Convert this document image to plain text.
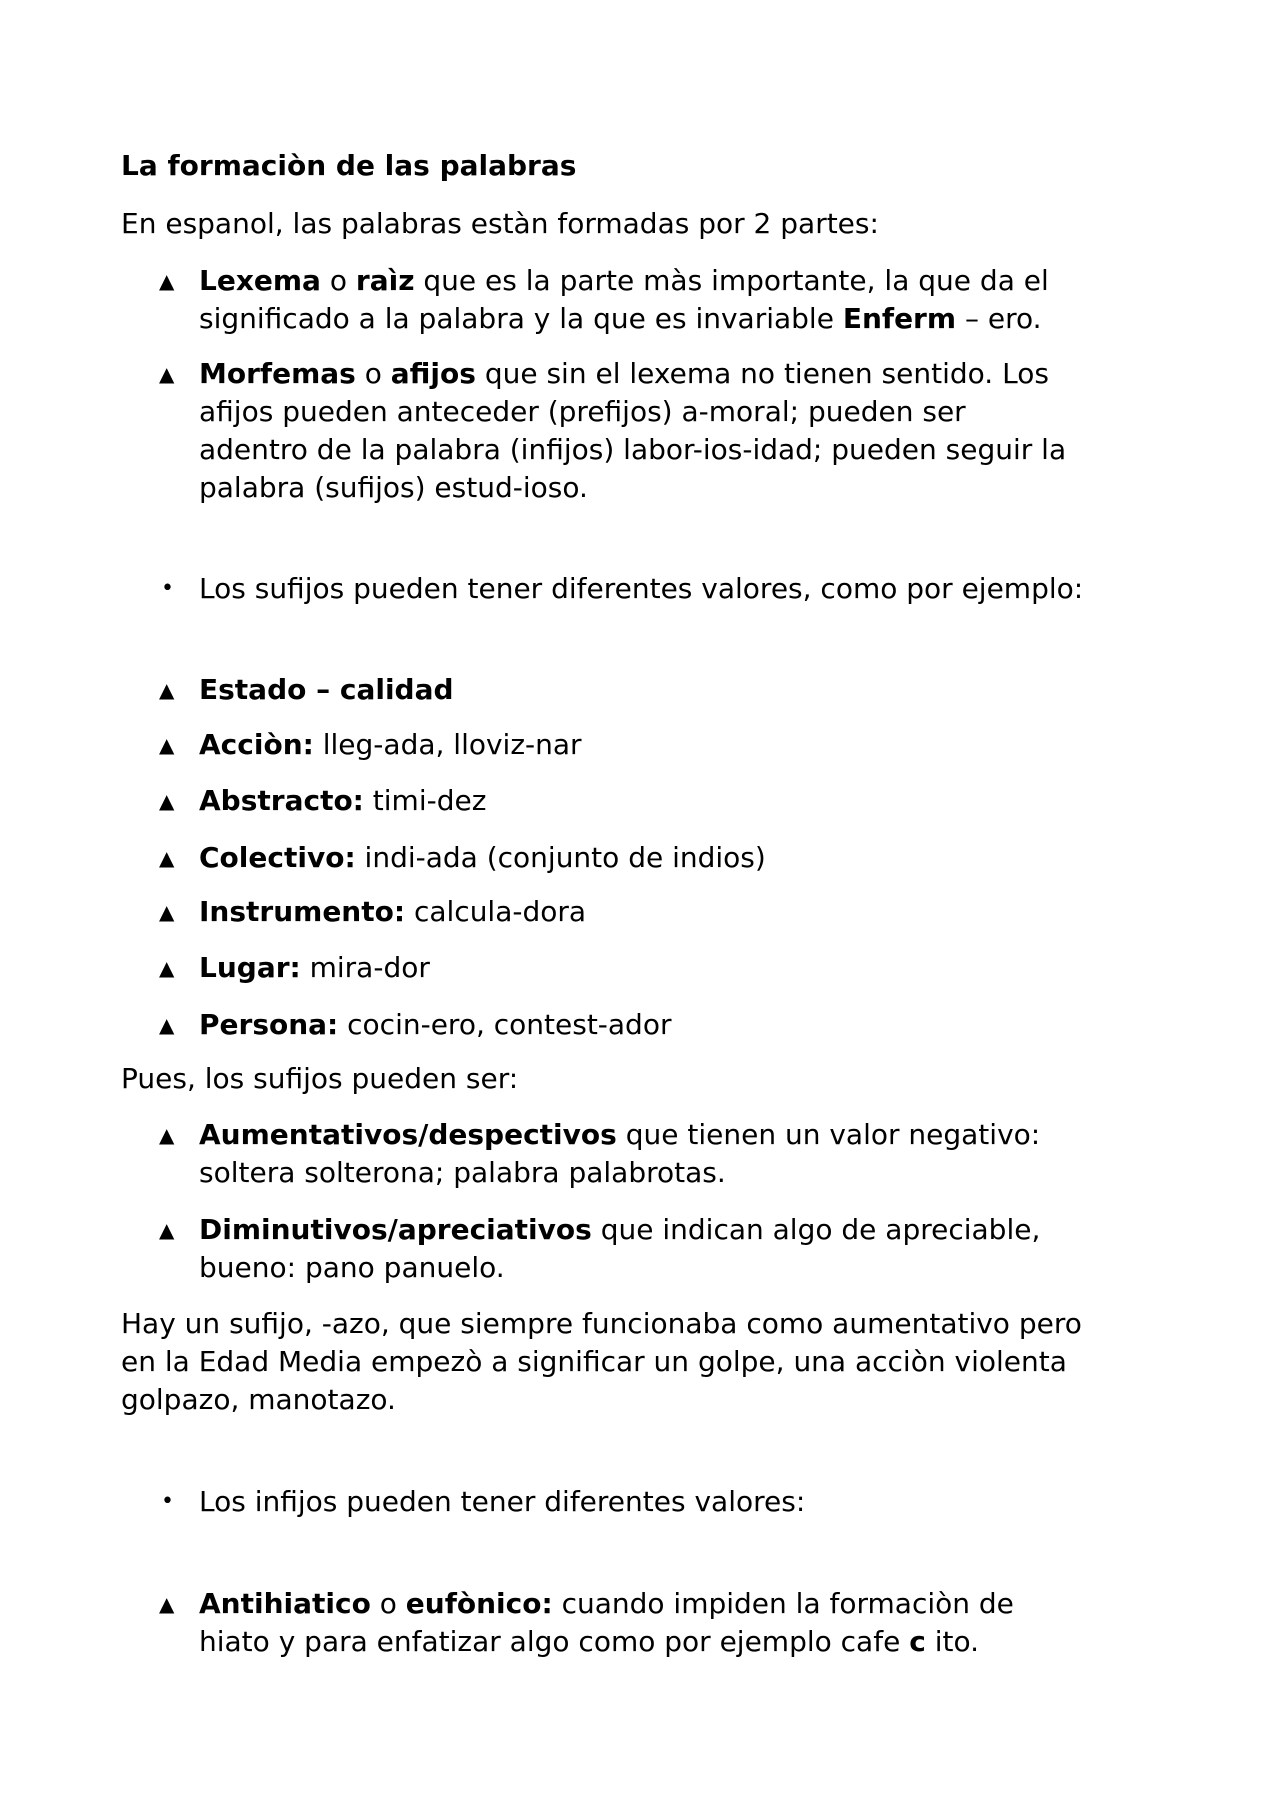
La formaciòn de las palabras

En espanol, las palabras estàn formadas por 2 partes:

▲ Lexema o raìz que es la parte màs importante, la que da el
significado a la palabra y la que es invariable Enferm – ero.
▲ Morfemas o afijos que sin el lexema no tienen sentido. Los
afijos pueden anteceder (prefijos) a-moral; pueden ser
adentro de la palabra (infijos) labor-ios-idad; pueden seguir la
palabra (sufijos) estud-ioso.
• Los sufijos pueden tener diferentes valores, como por ejemplo:
▲ Estado – calidad
▲ Acciòn: lleg-ada, lloviz-nar
▲ Abstracto: timi-dez
▲ Colectivo: indi-ada (conjunto de indios)
▲ Instrumento: calcula-dora
▲ Lugar: mira-dor
▲ Persona: cocin-ero, contest-ador

Pues, los sufijos pueden ser:

▲ Aumentativos/despectivos que tienen un valor negativo:
soltera solterona; palabra palabrotas.
▲ Diminutivos/apreciativos que indican algo de apreciable,
bueno: pano panuelo.
Hay un sufijo, -azo, que siempre funcionaba como aumentativo pero
en la Edad Media empezò a significar un golpe, una acciòn violenta
golpazo, manotazo.
• Los infijos pueden tener diferentes valores:
▲ Antihiatico o eufònico: cuando impiden la formaciòn de
hiato y para enfatizar algo como por ejemplo cafe c ito.
